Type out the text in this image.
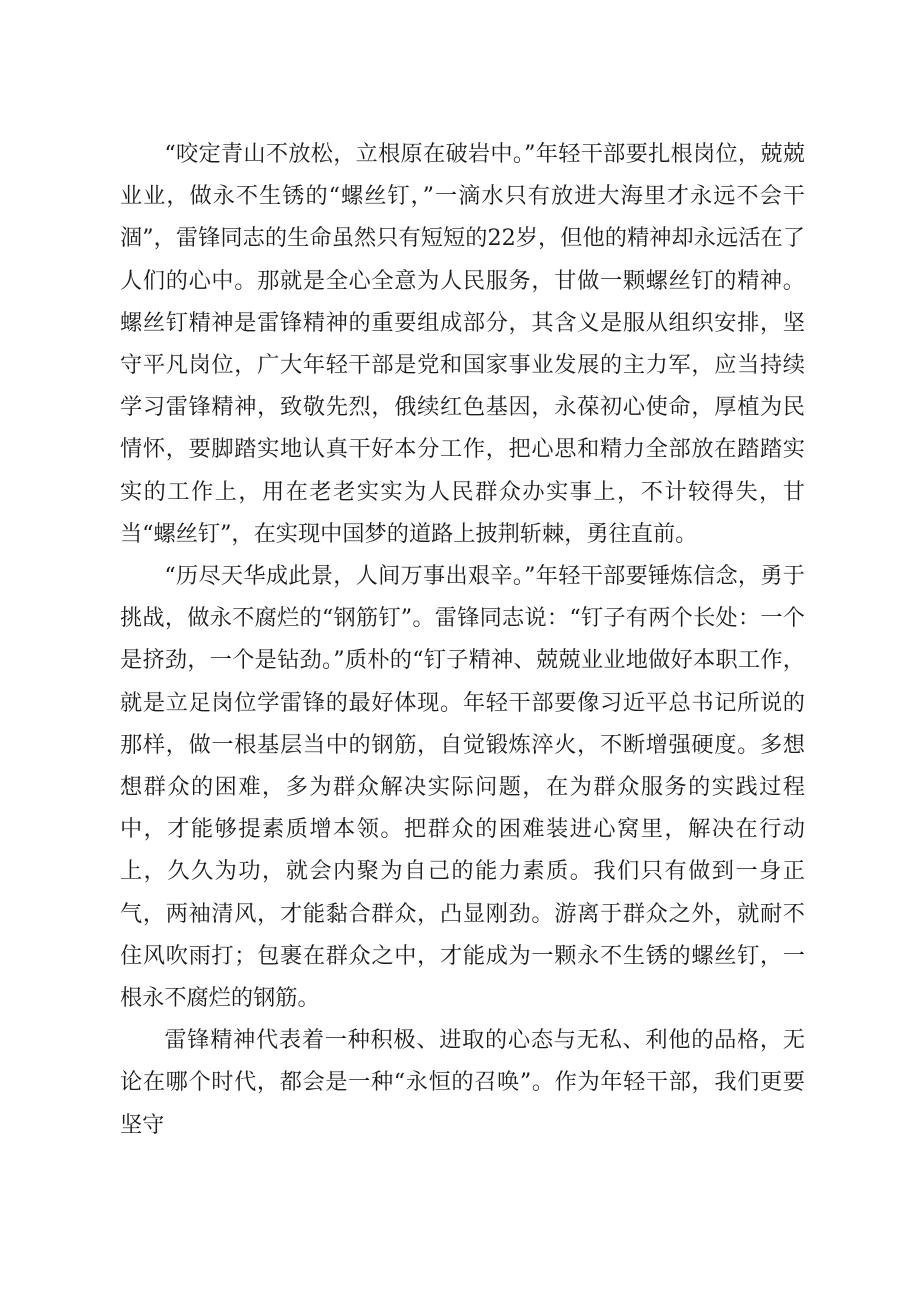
“咬定青山不放松，立根原在破岩中。”年轻干部要扎根岗位，兢兢业业，做永不生锈的“螺丝钉，”一滴水只有放进大海里才永远不会干涸”，雷锋同志的生命虽然只有短短的22岁，但他的精神却永远活在了人们的心中。那就是全心全意为人民服务，甘做一颗螺丝钉的精神。螺丝钉精神是雷锋精神的重要组成部分，其含义是服从组织安排，坚守平凡岗位，广大年轻干部是党和国家事业发展的主力军，应当持续学习雷锋精神，致敬先烈，俄续红色基因，永葆初心使命，厚植为民情怀，要脚踏实地认真干好本分工作，把心思和精力全部放在踏踏实实的工作上，用在老老实实为人民群众办实事上，不计较得失，甘当“螺丝钉”，在实现中国梦的道路上披荆斩棘，勇往直前。

“历尽天华成此景，人间万事出艰辛。”年轻干部要锤炼信念，勇于挑战，做永不腐烂的“钢筋钉”。雷锋同志说：“钉子有两个长处：一个是挤劲，一个是钻劲。”质朴的“钉子精神、兢兢业业地做好本职工作，就是立足岗位学雷锋的最好体现。年轻干部要像习近平总书记所说的那样，做一根基层当中的钢筋，自觉锻炼淬火，不断增强硬度。多想想群众的困难，多为群众解决实际问题，在为群众服务的实践过程中，才能够提素质增本领。把群众的困难装进心窝里，解决在行动上，久久为功，就会内聚为自己的能力素质。我们只有做到一身正气，两袖清风，才能黏合群众，凸显刚劲。游离于群众之外，就耐不住风吹雨打；包裹在群众之中，才能成为一颗永不生锈的螺丝钉，一根永不腐烂的钢筋。

雷锋精神代表着一种积极、进取的心态与无私、利他的品格，无论在哪个时代，都会是一种“永恒的召唤”。作为年轻干部，我们更要坚守
